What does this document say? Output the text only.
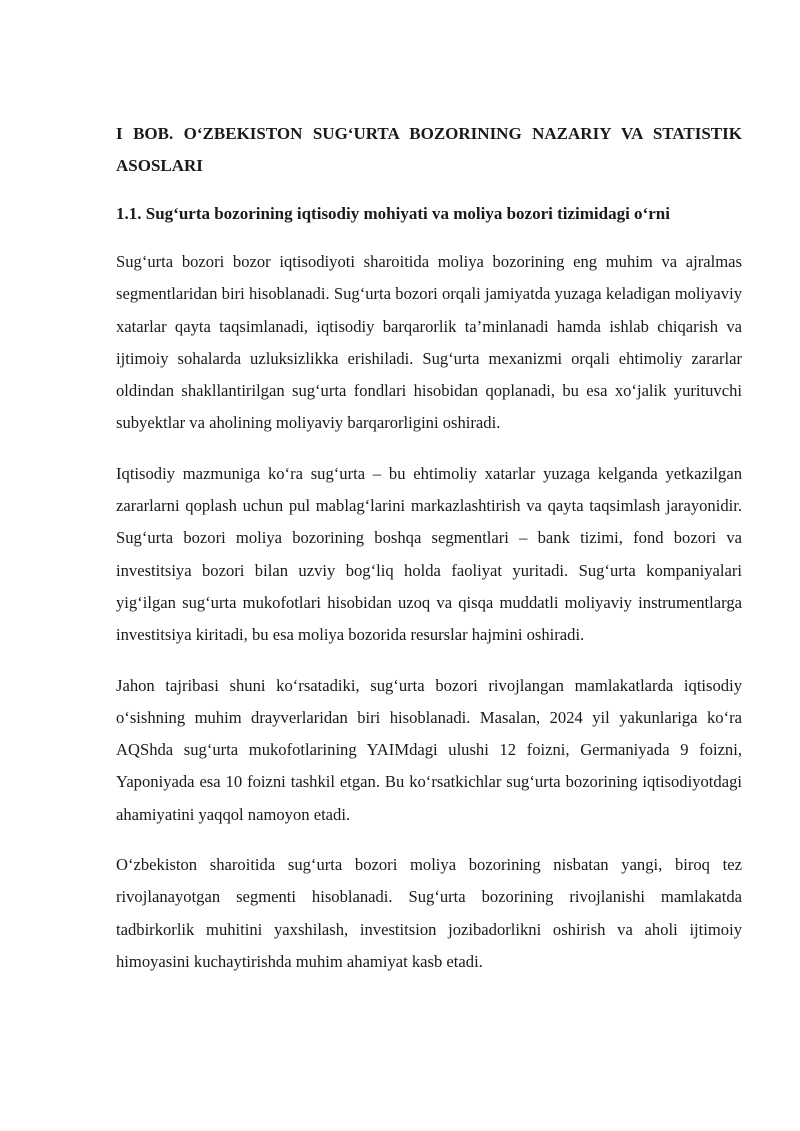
I BOB. O‘ZBEKISTON SUG‘URTA BOZORINING NAZARIY VA STATISTIK ASOSLARI
1.1. Sug‘urta bozorining iqtisodiy mohiyati va moliya bozori tizimidagi o‘rni

Sug‘urta bozori bozor iqtisodiyoti sharoitida moliya bozorining eng muhim va ajralmas segmentlaridan biri hisoblanadi. Sug‘urta bozori orqali jamiyatda yuzaga keladigan moliyaviy xatarlar qayta taqsimlanadi, iqtisodiy barqarorlik ta’minlanadi hamda ishlab chiqarish va ijtimoiy sohalarda uzluksizlikka erishiladi. Sug‘urta mexanizmi orqali ehtimoliy zararlar oldindan shakllantirilgan sug‘urta fondlari hisobidan qoplanadi, bu esa xo‘jalik yurituvchi subyektlar va aholining moliyaviy barqarorligini oshiradi.

Iqtisodiy mazmuniga ko‘ra sug‘urta – bu ehtimoliy xatarlar yuzaga kelganda yetkazilgan zararlarni qoplash uchun pul mablag‘larini markazlashtirish va qayta taqsimlash jarayonidir. Sug‘urta bozori moliya bozorining boshqa segmentlari – bank tizimi, fond bozori va investitsiya bozori bilan uzviy bog‘liq holda faoliyat yuritadi. Sug‘urta kompaniyalari yig‘ilgan sug‘urta mukofotlari hisobidan uzoq va qisqa muddatli moliyaviy instrumentlarga investitsiya kiritadi, bu esa moliya bozorida resurslar hajmini oshiradi.

Jahon tajribasi shuni ko‘rsatadiki, sug‘urta bozori rivojlangan mamlakatlarda iqtisodiy o‘sishning muhim drayverlaridan biri hisoblanadi. Masalan, 2024 yil yakunlariga ko‘ra AQShda sug‘urta mukofotlarining YAIMdagi ulushi 12 foizni, Germaniyada 9 foizni, Yaponiyada esa 10 foizni tashkil etgan. Bu ko‘rsatkichlar sug‘urta bozorining iqtisodiyotdagi ahamiyatini yaqqol namoyon etadi.

O‘zbekiston sharoitida sug‘urta bozori moliya bozorining nisbatan yangi, biroq tez rivojlanayotgan segmenti hisoblanadi. Sug‘urta bozorining rivojlanishi mamlakatda tadbirkorlik muhitini yaxshilash, investitsion jozibadorlikni oshirish va aholi ijtimoiy himoyasini kuchaytirishda muhim ahamiyat kasb etadi.
